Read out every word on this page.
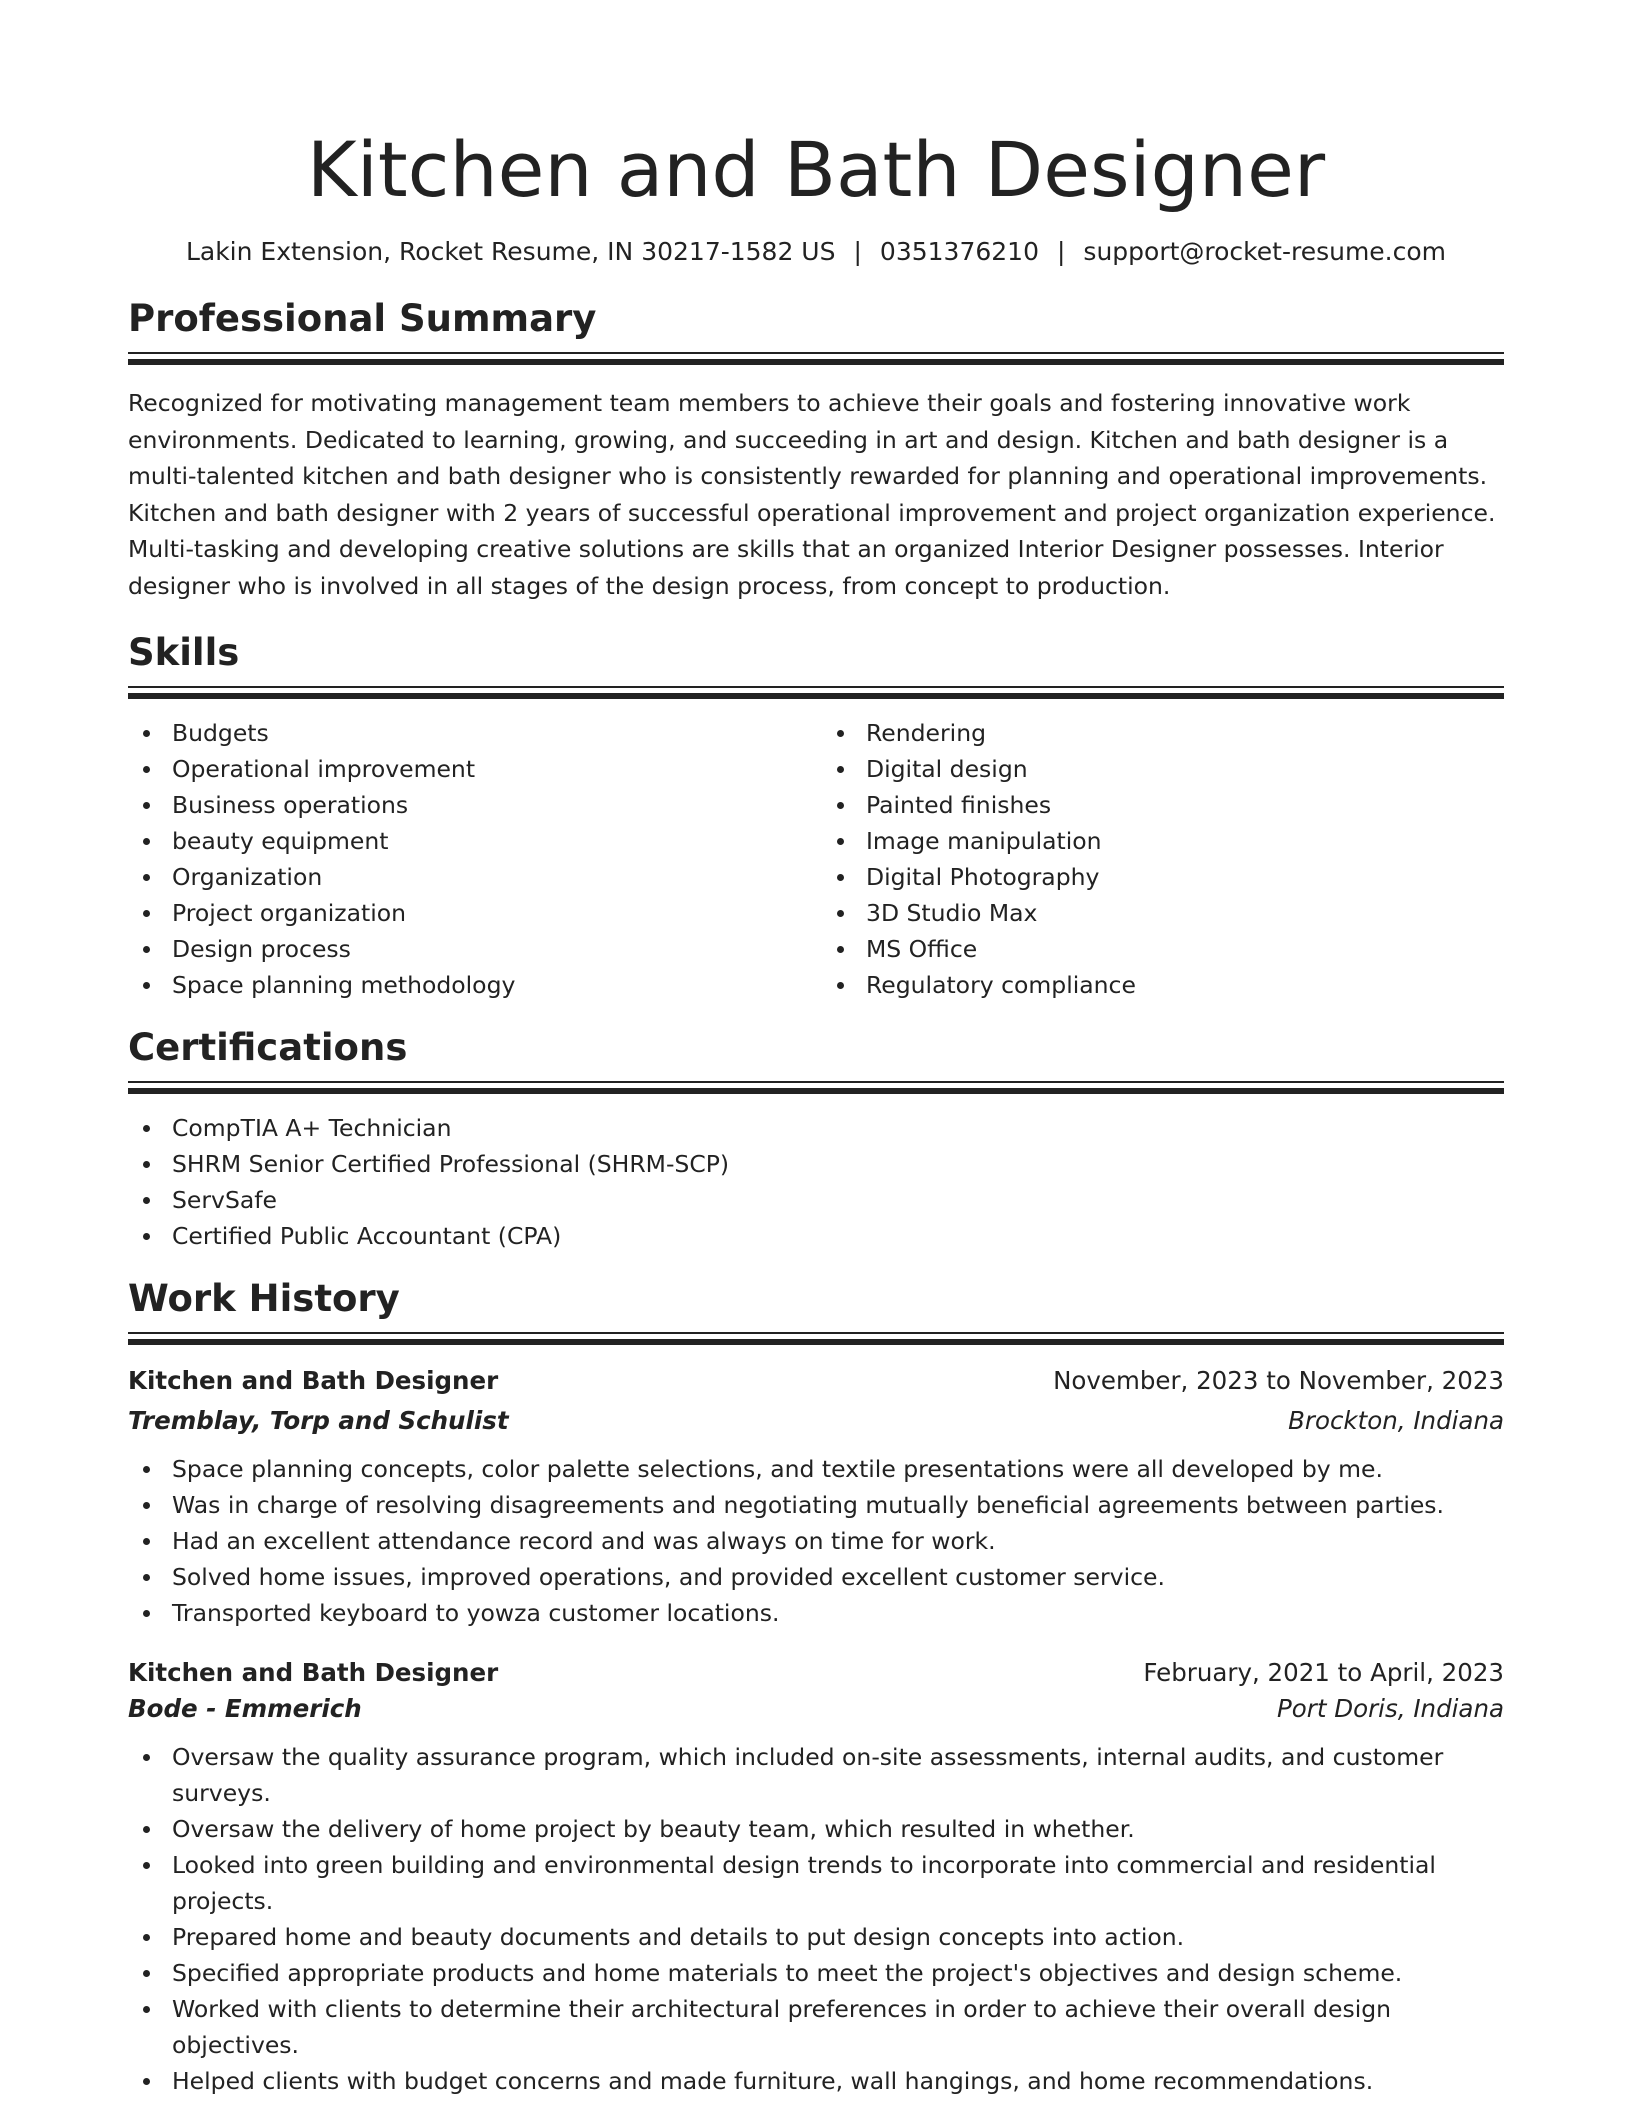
Kitchen and Bath Designer
Lakin Extension, Rocket Resume, IN 30217-1582 US | 0351376210 | support@rocket-resume.com
Professional Summary

Recognized for motivating management team members to achieve their goals and fostering innovative work environments. Dedicated to learning, growing, and succeeding in art and design. Kitchen and bath designer is a multi-talented kitchen and bath designer who is consistently rewarded for planning and operational improvements. Kitchen and bath designer with 2 years of successful operational improvement and project organization experience. Multi-tasking and developing creative solutions are skills that an organized Interior Designer possesses. Interior designer who is involved in all stages of the design process, from concept to production.

Skills
Budgets
Operational improvement
Business operations
beauty equipment
Organization
Project organization
Design process
Space planning methodology
Rendering
Digital design
Painted finishes
Image manipulation
Digital Photography
3D Studio Max
MS Office
Regulatory compliance
Certifications
CompTIA A+ Technician
SHRM Senior Certified Professional (SHRM-SCP)
ServSafe
Certified Public Accountant (CPA)
Work History
Kitchen and Bath Designer	November, 2023 to November, 2023
Tremblay, Torp and Schulist	Brockton, Indiana
Space planning concepts, color palette selections, and textile presentations were all developed by me.
Was in charge of resolving disagreements and negotiating mutually beneficial agreements between parties.
Had an excellent attendance record and was always on time for work.
Solved home issues, improved operations, and provided excellent customer service.
Transported keyboard to yowza customer locations.
Kitchen and Bath Designer	February, 2021 to April, 2023
Bode - Emmerich	Port Doris, Indiana
Oversaw the quality assurance program, which included on-site assessments, internal audits, and customer surveys.
Oversaw the delivery of home project by beauty team, which resulted in whether.
Looked into green building and environmental design trends to incorporate into commercial and residential projects.
Prepared home and beauty documents and details to put design concepts into action.
Specified appropriate products and home materials to meet the project's objectives and design scheme.
Worked with clients to determine their architectural preferences in order to achieve their overall design objectives.
Helped clients with budget concerns and made furniture, wall hangings, and home recommendations.
